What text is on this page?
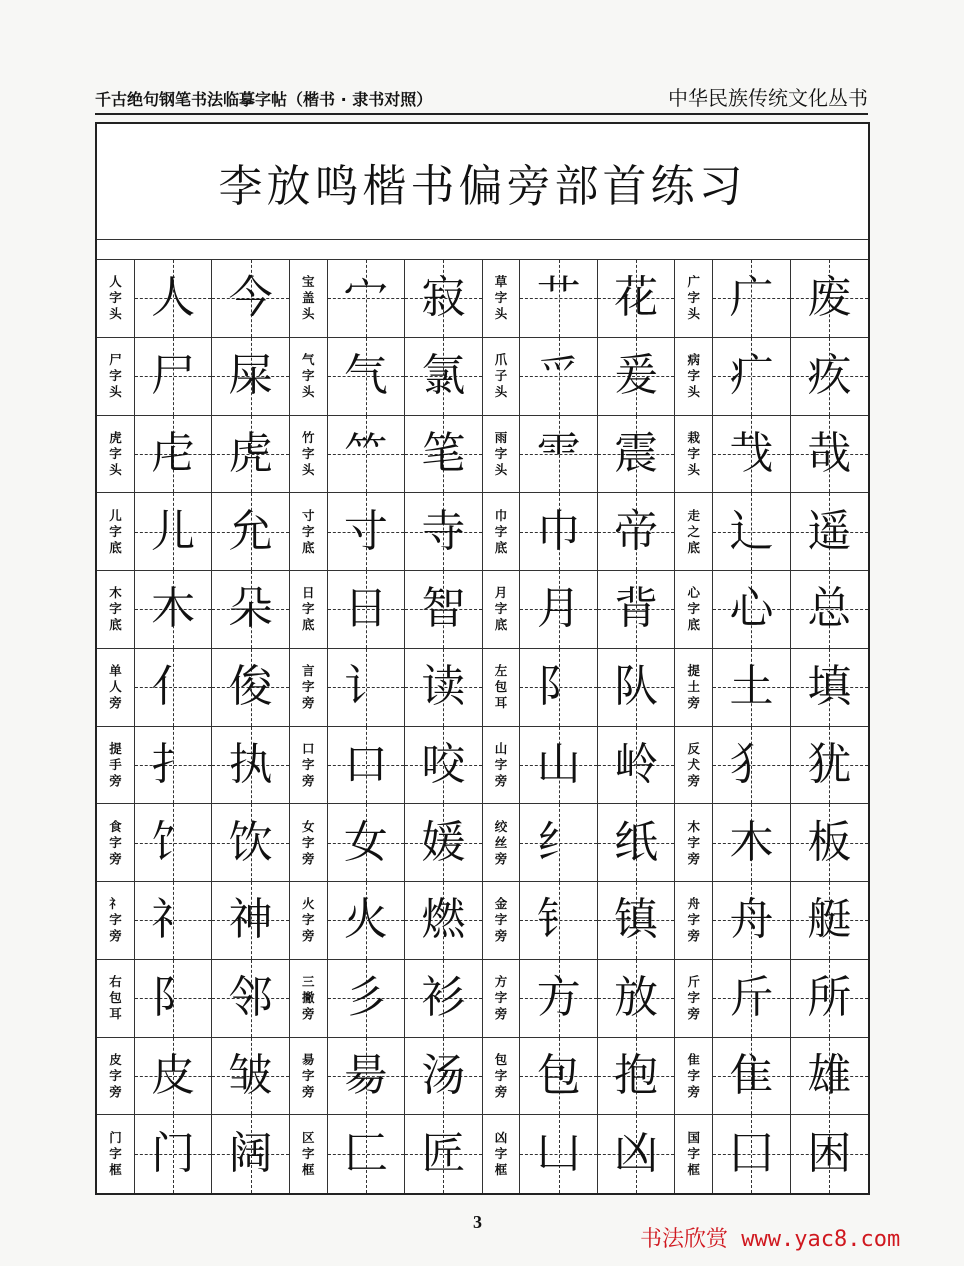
千古绝句钢笔书法临摹字帖（楷书 · 隶书对照）	中华民族传统文化丛书
李放鸣楷书偏旁部首练习
人
字
头 人 今 宝
盖
头 宀 寂 草
字
头 艹 花 广
字
头 广 废
尸
字
头 尸 屎 气
字
头 气 氯 爪
子
头 爫 爰 病
字
头 疒 疚
虎
字
头 虍 虎 竹
字
头 ⺮ 笔 雨
字
头 ⻗ 震 栽
字
头 𢦏 哉
儿
字
底 儿 允 寸
字
底 寸 寺 巾
字
底 巾 帝 走
之
底 辶 遥
木
字
底 木 朵 日
字
底 日 智 月
字
底 月 背 心
字
底 心 总
单
人
旁 亻 俊 言
字
旁 讠 读 左
包
耳 阝 队 提
土
旁 土 填
提
手
旁 扌 执 口
字
旁 口 咬 山
字
旁 山 岭 反
犬
旁 犭 犹
食
字
旁 饣 饮 女
字
旁 女 媛 绞
丝
旁 纟 纸 木
字
旁 木 板
礻
字
旁 礻 神 火
字
旁 火 燃 金
字
旁 钅 镇 舟
字
旁 舟 艇
右
包
耳 阝 邻 三
撇
旁 彡 衫 方
字
旁 方 放 斤
字
旁 斤 所
皮
字
旁 皮 皱 昜
字
旁 昜 汤 包
字
旁 包 抱 隹
字
旁 隹 雄
门
字
框 门 阔 区
字
框 匚 匠 凶
字
框 凵 凶 国
字
框 囗 困
3
书法欣赏 www.yac8.com
